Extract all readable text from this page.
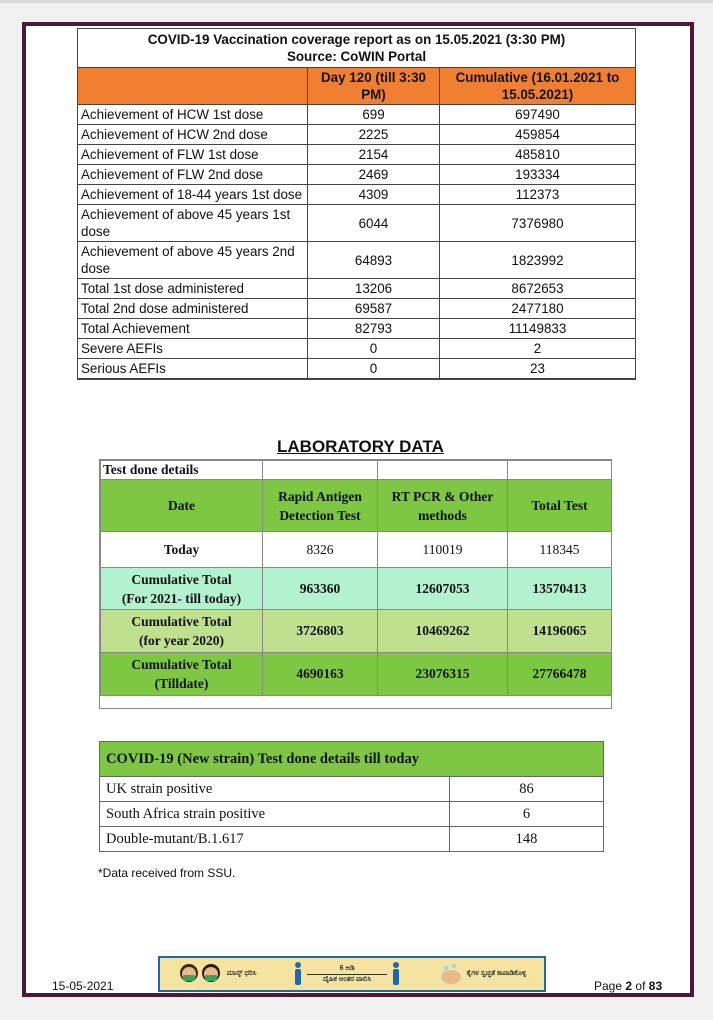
COVID-19 Vaccination coverage report as on 15.05.2021 (3:30 PM)
Source: CoWIN Portal		

	Day 120 (till 3:30 PM)	Cumulative (16.01.2021 to 15.05.2021)
Achievement of HCW 1st dose	699	697490
Achievement of HCW 2nd dose	2225	459854
Achievement of FLW 1st dose	2154	485810
Achievement of FLW 2nd dose	2469	193334
Achievement of 18-44 years 1st dose	4309	112373
Achievement of above 45 years 1st dose	6044	7376980
Achievement of above 45 years 2nd dose	64893	1823992
Total 1st dose administered	13206	8672653
Total 2nd dose administered	69587	2477180
Total Achievement	82793	11149833
Severe AEFIs	0	2
Serious AEFIs	0	23
LABORATORY DATA
Test done details			
Date	Rapid Antigen Detection Test	RT PCR & Other methods	Total Test
Today	8326	110019	118345

Cumulative Total
(For 2021- till today)	963360	12607053	13570413

Cumulative Total
(for year 2020)	3726803	10469262	14196065

Cumulative Total
(Tilldate)	4690163	23076315	27766478
COVID-19 (New strain) Test done details till today	
UK strain positive	86
South Africa strain positive	6
Double-mutant/B.1.617	148
*Data received from SSU.
ಮಾಸ್ಕ್ ಧರಿಸಿ
6 ಅಡಿ
ದೈಹಿಕ ಅಂತರ ಪಾಲಿಸಿ
ಕೈಗಳ ಸ್ವಚ್ಛತೆ ಕಾಪಾಡಿಕೊಳ್ಳಿ
15-05-2021	Page 2 of 83
